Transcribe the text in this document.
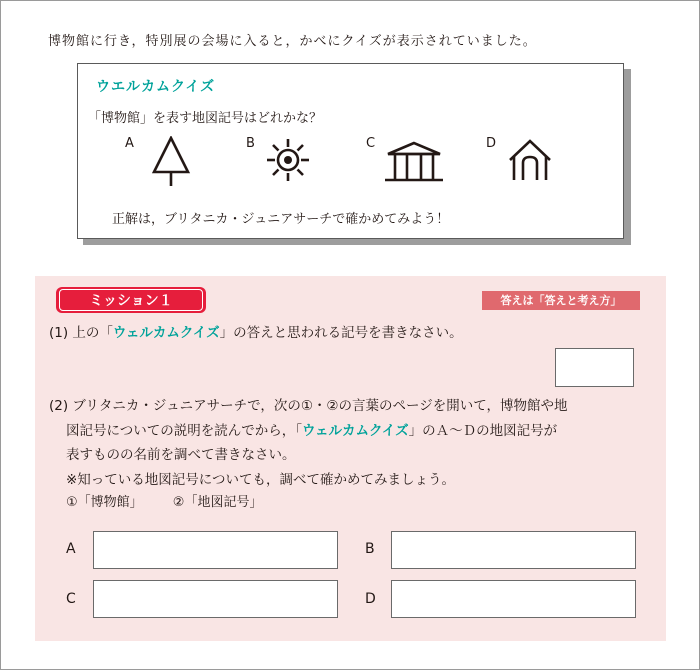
博物館に行き，特別展の会場に入ると，かべにクイズが表示されていました。
ウエルカムクイズ
「博物館」を表す地図記号はどれかな？
A	B	C	D
正解は，ブリタニカ・ジュニアサーチで確かめてみよう！
ミッション１	答えは「答えと考え方」
(1) 上の「ウェルカムクイズ」の答えと思われる記号を書きなさい。
(2) ブリタニカ・ジュニアサーチで，次の①・②の言葉のページを開いて，博物館や地
図記号についての説明を読んでから，「ウェルカムクイズ」のＡ～Ｄの地図記号が
表すものの名前を調べて書きなさい。
※知っている地図記号についても，調べて確かめてみましょう。
①「博物館」 ②「地図記号」
A	B
C	D
